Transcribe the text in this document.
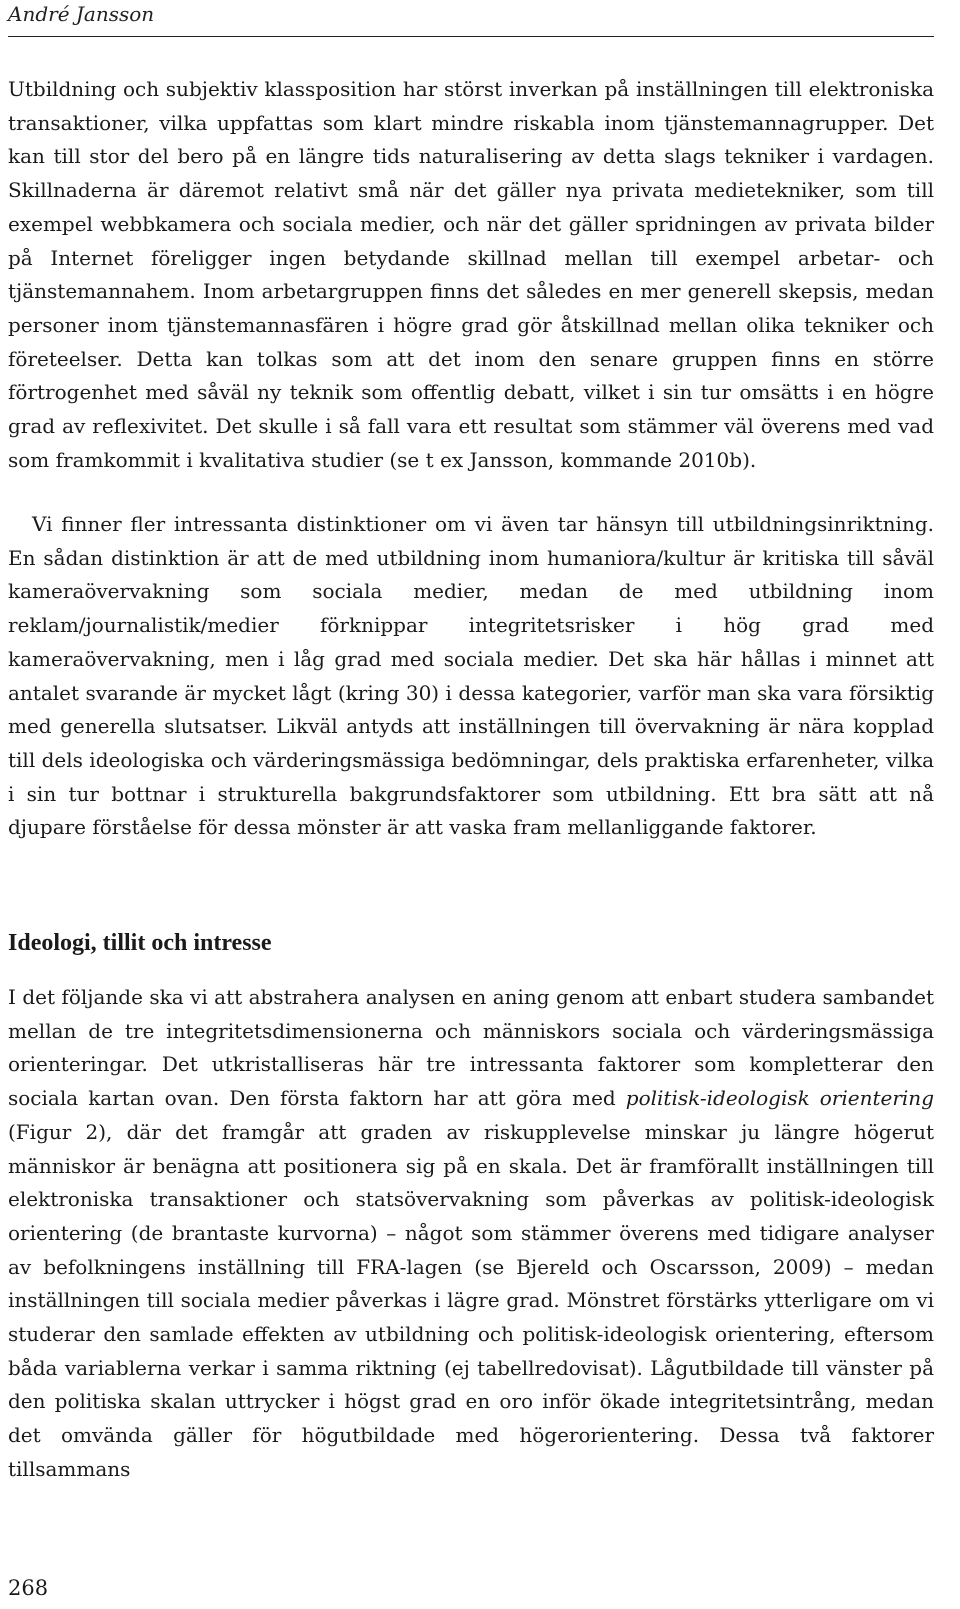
André Jansson

Utbildning och subjektiv klassposition har störst inverkan på inställningen till elektroniska transaktioner, vilka uppfattas som klart mindre riskabla inom tjänstemannagrupper. Det kan till stor del bero på en längre tids naturalisering av detta slags tekniker i vardagen. Skillnaderna är däremot relativt små när det gäller nya privata medietekniker, som till exempel webbkamera och sociala medier, och när det gäller spridningen av privata bilder på Internet föreligger ingen betydande skillnad mellan till exempel arbetar- och tjänstemannahem. Inom arbetargruppen finns det således en mer generell skepsis, medan personer inom tjänstemannasfären i högre grad gör åtskillnad mellan olika tekniker och företeelser. Detta kan tolkas som att det inom den senare gruppen finns en större förtrogenhet med såväl ny teknik som offentlig debatt, vilket i sin tur omsätts i en högre grad av reflexivitet. Det skulle i så fall vara ett resultat som stämmer väl överens med vad som framkommit i kvalitativa studier (se t ex Jansson, kommande 2010b).

Vi finner fler intressanta distinktioner om vi även tar hänsyn till utbildningsinriktning. En sådan distinktion är att de med utbildning inom humaniora/kultur är kritiska till såväl kameraövervakning som sociala medier, medan de med utbildning inom reklam/journalistik/medier förknippar integritetsrisker i hög grad med kameraövervakning, men i låg grad med sociala medier. Det ska här hållas i minnet att antalet svarande är mycket lågt (kring 30) i dessa kategorier, varför man ska vara försiktig med generella slutsatser. Likväl antyds att inställningen till övervakning är nära kopplad till dels ideologiska och värderingsmässiga bedömningar, dels praktiska erfarenheter, vilka i sin tur bottnar i strukturella bakgrundsfaktorer som utbildning. Ett bra sätt att nå djupare förståelse för dessa mönster är att vaska fram mellanliggande faktorer.

Ideologi, tillit och intresse

I det följande ska vi att abstrahera analysen en aning genom att enbart studera sambandet mellan de tre integritetsdimensionerna och människors sociala och värderingsmässiga orienteringar. Det utkristalliseras här tre intressanta faktorer som kompletterar den sociala kartan ovan. Den första faktorn har att göra med politisk-ideologisk orientering (Figur 2), där det framgår att graden av riskupplevelse minskar ju längre högerut människor är benägna att positionera sig på en skala. Det är framförallt inställningen till elektroniska transaktioner och statsövervakning som påverkas av politisk-ideologisk orientering (de brantaste kurvorna) – något som stämmer överens med tidigare analyser av befolkningens inställning till FRA-lagen (se Bjereld och Oscarsson, 2009) – medan inställningen till sociala medier påverkas i lägre grad. Mönstret förstärks ytterligare om vi studerar den samlade effekten av utbildning och politisk-ideologisk orientering, eftersom båda variablerna verkar i samma riktning (ej tabellredovisat). Lågutbildade till vänster på den politiska skalan uttrycker i högst grad en oro inför ökade integritetsintrång, medan det omvända gäller för högutbildade med högerorientering. Dessa två faktorer tillsammans

268
